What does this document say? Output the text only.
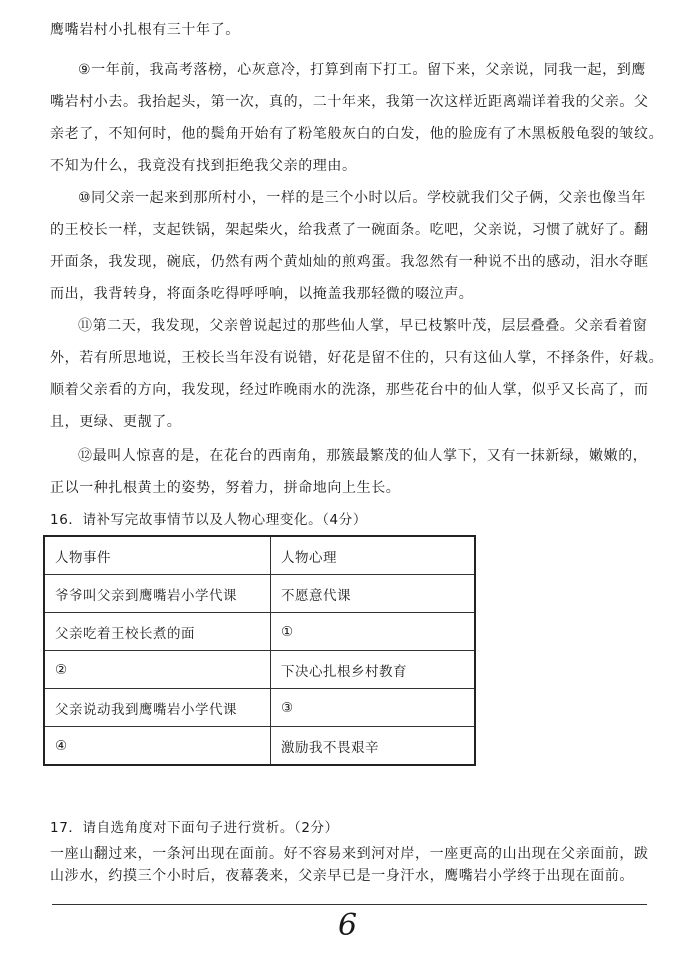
鹰嘴岩村小扎根有三十年了。
⑨一年前，我高考落榜，心灰意冷，打算到南下打工。留下来，父亲说，同我一起，到鹰
嘴岩村小去。我抬起头，第一次，真的，二十年来，我第一次这样近距离端详着我的父亲。父
亲老了，不知何时，他的鬓角开始有了粉笔般灰白的白发，他的脸庞有了木黑板般龟裂的皱纹。
不知为什么，我竟没有找到拒绝我父亲的理由。
⑩同父亲一起来到那所村小，一样的是三个小时以后。学校就我们父子俩，父亲也像当年
的王校长一样，支起铁锅，架起柴火，给我煮了一碗面条。吃吧，父亲说，习惯了就好了。翻
开面条，我发现，碗底，仍然有两个黄灿灿的煎鸡蛋。我忽然有一种说不出的感动，泪水夺眶
而出，我背转身，将面条吃得呼呼响，以掩盖我那轻微的啜泣声。
⑪第二天，我发现，父亲曾说起过的那些仙人掌，早已枝繁叶茂，层层叠叠。父亲看着窗
外，若有所思地说，王校长当年没有说错，好花是留不住的，只有这仙人掌，不择条件，好栽。
顺着父亲看的方向，我发现，经过昨晚雨水的洗涤，那些花台中的仙人掌，似乎又长高了，而
且，更绿、更靓了。
⑫最叫人惊喜的是，在花台的西南角，那簇最繁茂的仙人掌下，又有一抹新绿，嫩嫩的，
正以一种扎根黄土的姿势，努着力，拼命地向上生长。
16．请补写完故事情节以及人物心理变化。（4分）
人物事件	人物心理
爷爷叫父亲到鹰嘴岩小学代课	不愿意代课
父亲吃着王校长煮的面	①
②	下决心扎根乡村教育
父亲说动我到鹰嘴岩小学代课	③
④	激励我不畏艰辛
17．请自选角度对下面句子进行赏析。（2分）
一座山翻过来，一条河出现在面前。好不容易来到河对岸，一座更高的山出现在父亲面前，跋
山涉水，约摸三个小时后，夜幕袭来，父亲早已是一身汗水，鹰嘴岩小学终于出现在面前。
6
